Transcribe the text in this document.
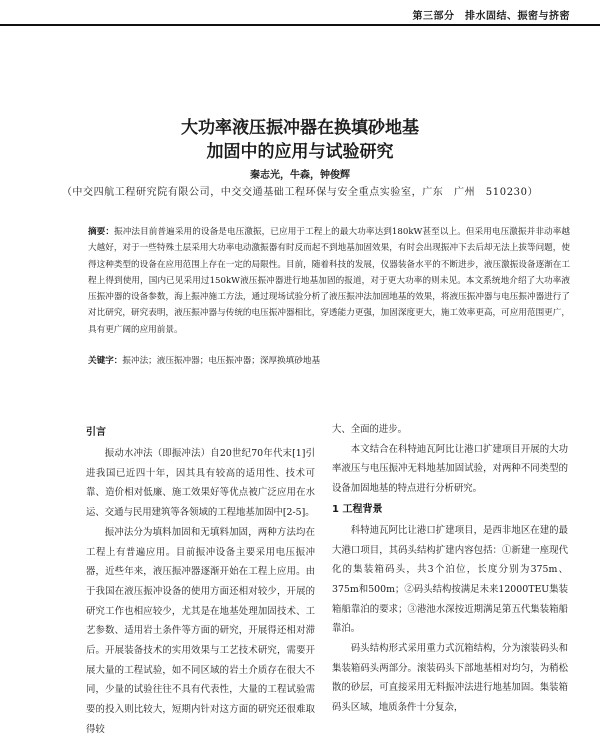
第三部分　排水固结、振密与挤密
大功率液压振冲器在换填砂地基
加固中的应用与试验研究
秦志光，牛森，钟俊辉
（中交四航工程研究院有限公司，中交交通基础工程环保与安全重点实验室，广东　广州　510230）
摘要：振冲法目前普遍采用的设备是电压激振，已应用于工程上的最大功率达到180kW甚至以上。但采用电压激振并非动率越大越好，对于一些特殊土层采用大功率电动激振器有时反而起不到地基加固效果，有时会出现振冲下去后却无法上拔等问题，使得这种类型的设备在应用范围上存在一定的局限性。目前，随着科技的发展，仪器装备水平的不断进步，液压激振设备逐渐在工程上得到使用，国内已见采用过150kW液压振冲器进行地基加固的报道，对于更大功率的则未见。本文系统地介绍了大功率液压振冲器的设备参数，海上振冲施工方法，通过现场试验分析了液压振冲法加固地基的效果，将液压振冲器与电压振冲器进行了对比研究，研究表明，液压振冲器与传统的电压振冲器相比，穿透能力更强，加固深度更大，施工效率更高，可应用范围更广，具有更广阔的应用前景。
关键字：振冲法；液压振冲器；电压振冲器；深厚换填砂地基

引言

振动水冲法（即振冲法）自20世纪70年代末[1]引进我国已近四十年，因其具有较高的适用性、技术可靠、造价相对低廉、施工效果好等优点被广泛应用在水运、交通与民用建筑等各领域的工程地基加固中[2-5]。

振冲法分为填料加固和无填料加固，两种方法均在工程上有普遍应用。目前振冲设备主要采用电压振冲器，近些年来，液压振冲器逐渐开始在工程上应用。由于我国在液压振冲设备的使用方面还相对较少，开展的研究工作也相应较少，尤其是在地基处理加固技术、工艺参数、适用岩土条件等方面的研究，开展得还相对滞后。开展装备技术的实用效果与工艺技术研究，需要开展大量的工程试验，如不同区域的岩土介质存在很大不同，少量的试验往往不具有代表性，大量的工程试验需要的投入则比较大，短期内针对这方面的研究还很难取得较

大、全面的进步。

本文结合在科特迪瓦阿比让港口扩建项目开展的大功率液压与电压振冲无料地基加固试验，对两种不同类型的设备加固地基的特点进行分析研究。

1 工程背景

科特迪瓦阿比让港口扩建项目，是西非地区在建的最大港口项目，其码头结构扩建内容包括：①新建一座现代化的集装箱码头，共3个泊位，长度分别为375m、375m和500m；②码头结构按满足未来12000TEU集装箱船靠泊的要求；③港池水深按近期满足第五代集装箱船靠泊。

码头结构形式采用重力式沉箱结构，分为滚装码头和集装箱码头两部分。滚装码头下部地基相对均匀，为稍松散的砂层，可直接采用无料振冲法进行地基加固。集装箱码头区域，地质条件十分复杂，
